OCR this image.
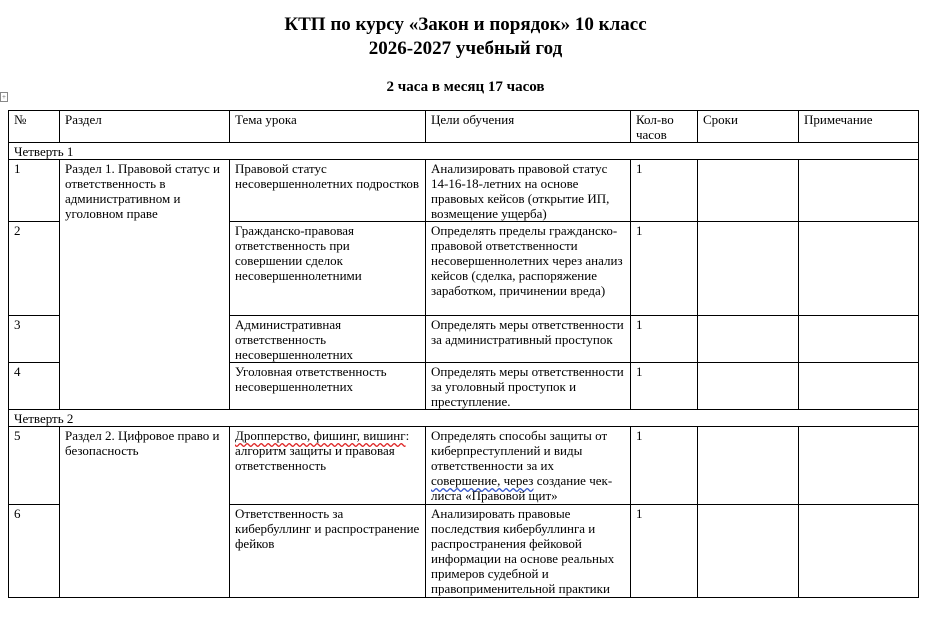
КТП по курсу «Закон и порядок» 10 класс
2026-2027 учебный год
2 часа в месяц 17 часов
+
№	Раздел	Тема урока	Цели обучения	Кол-во часов	Сроки	Примечание
Четверть 1						
1	Раздел 1. Правовой статус и ответственность в административном и уголовном праве	Правовой статус несовершеннолетних подростков	Анализировать правовой статус 14-16-18-летних на основе правовых кейсов (открытие ИП, возмещение ущерба)	1		
2		Гражданско-правовая ответственность при совершении сделок несовершеннолетними	Определять пределы гражданско-правовой ответственности несовершеннолетних через анализ кейсов (сделка, распоряжение заработком, причинении вреда)	1		
3		Административная ответственность несовершеннолетних	Определять меры ответственности за административный проступок	1		
4		Уголовная ответственность несовершеннолетних	Определять меры ответственности за уголовный проступок и преступление.	1		
Четверть 2						
5	Раздел 2. Цифровое право и безопасность	Дропперство, фишинг, вишинг: алгоритм защиты и правовая ответственность	Определять способы защиты от киберпреступлений и виды ответственности за их совершение, через создание чек-листа «Правовой щит»	1		
6		Ответственность за кибербуллинг и распространение фейков	Анализировать правовые последствия кибербуллинга и распространения фейковой информации на основе реальных примеров судебной и правоприменительной практики	1		
